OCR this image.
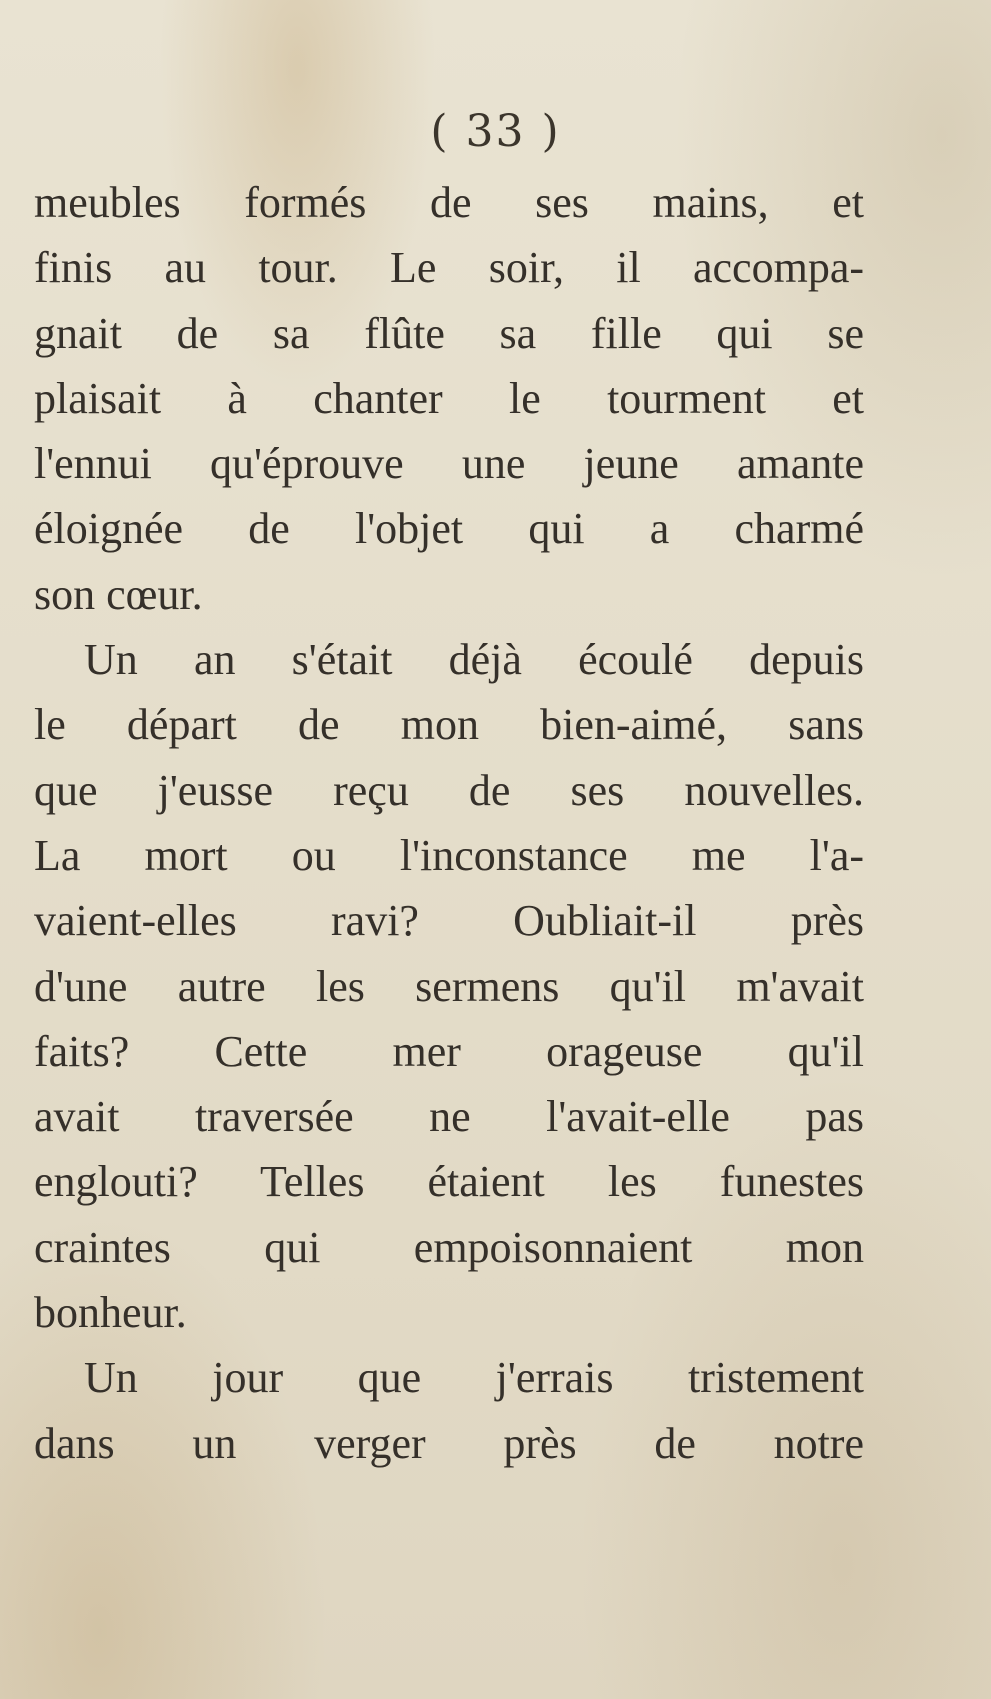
( 33 )
meubles formés de ses mains, et
finis au tour. Le soir, il accompa-
gnait de sa flûte sa fille qui se
plaisait à chanter le tourment et
l'ennui qu'éprouve une jeune amante
éloignée de l'objet qui a charmé
son cœur.
Un an s'était déjà écoulé depuis
le départ de mon bien-aimé, sans
que j'eusse reçu de ses nouvelles.
La mort ou l'inconstance me l'a-
vaient-elles ravi? Oubliait-il près
d'une autre les sermens qu'il m'avait
faits? Cette mer orageuse qu'il
avait traversée ne l'avait-elle pas
englouti? Telles étaient les funestes
craintes qui empoisonnaient mon
bonheur.
Un jour que j'errais tristement
dans un verger près de notre
